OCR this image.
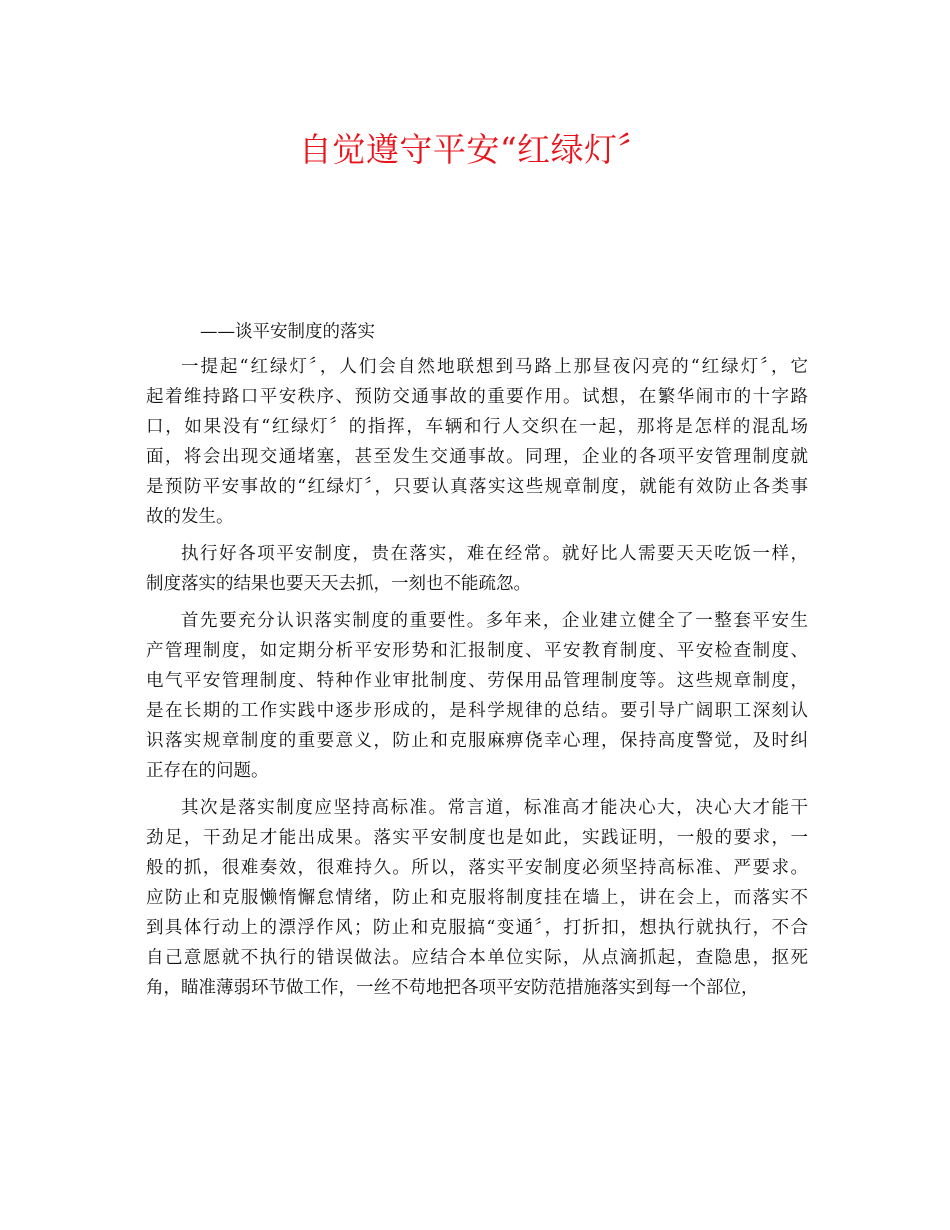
自觉遵守平安“红绿灯〞
——谈平安制度的落实
一提起“红绿灯〞，人们会自然地联想到马路上那昼夜闪亮的“红绿灯〞，它
起着维持路口平安秩序、预防交通事故的重要作用。试想，在繁华闹市的十字路
口，如果没有“红绿灯〞的指挥，车辆和行人交织在一起，那将是怎样的混乱场
面，将会出现交通堵塞，甚至发生交通事故。同理，企业的各项平安管理制度就
是预防平安事故的“红绿灯〞，只要认真落实这些规章制度，就能有效防止各类事
故的发生。
执行好各项平安制度，贵在落实，难在经常。就好比人需要天天吃饭一样，
制度落实的结果也要天天去抓，一刻也不能疏忽。
首先要充分认识落实制度的重要性。多年来，企业建立健全了一整套平安生
产管理制度，如定期分析平安形势和汇报制度、平安教育制度、平安检查制度、
电气平安管理制度、特种作业审批制度、劳保用品管理制度等。这些规章制度，
是在长期的工作实践中逐步形成的，是科学规律的总结。要引导广阔职工深刻认
识落实规章制度的重要意义，防止和克服麻痹侥幸心理，保持高度警觉，及时纠
正存在的问题。
其次是落实制度应坚持高标准。常言道，标准高才能决心大，决心大才能干
劲足，干劲足才能出成果。落实平安制度也是如此，实践证明，一般的要求，一
般的抓，很难奏效，很难持久。所以，落实平安制度必须坚持高标准、严要求。
应防止和克服懒惰懈怠情绪，防止和克服将制度挂在墙上，讲在会上，而落实不
到具体行动上的漂浮作风；防止和克服搞“变通〞，打折扣，想执行就执行，不合
自己意愿就不执行的错误做法。应结合本单位实际，从点滴抓起，查隐患，抠死
角，瞄准薄弱环节做工作，一丝不苟地把各项平安防范措施落实到每一个部位，
